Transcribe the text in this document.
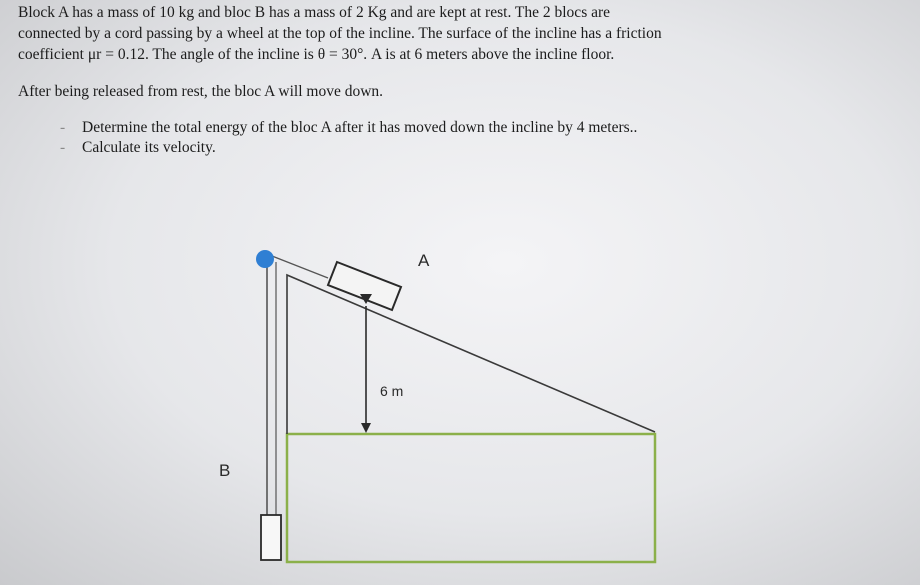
Block A has a mass of 10 kg and bloc B has a mass of 2 Kg and are kept at rest. The 2 blocs are
connected by a cord passing by a wheel at the top of the incline. The surface of the incline has a friction
coefficient μr = 0.12. The angle of the incline is θ = 30°. A is at 6 meters above the incline floor.
After being released from rest, the bloc A will move down.
- Determine the total energy of the bloc A after it has moved down the incline by 4 meters..
- Calculate its velocity.
A
B
6 m
